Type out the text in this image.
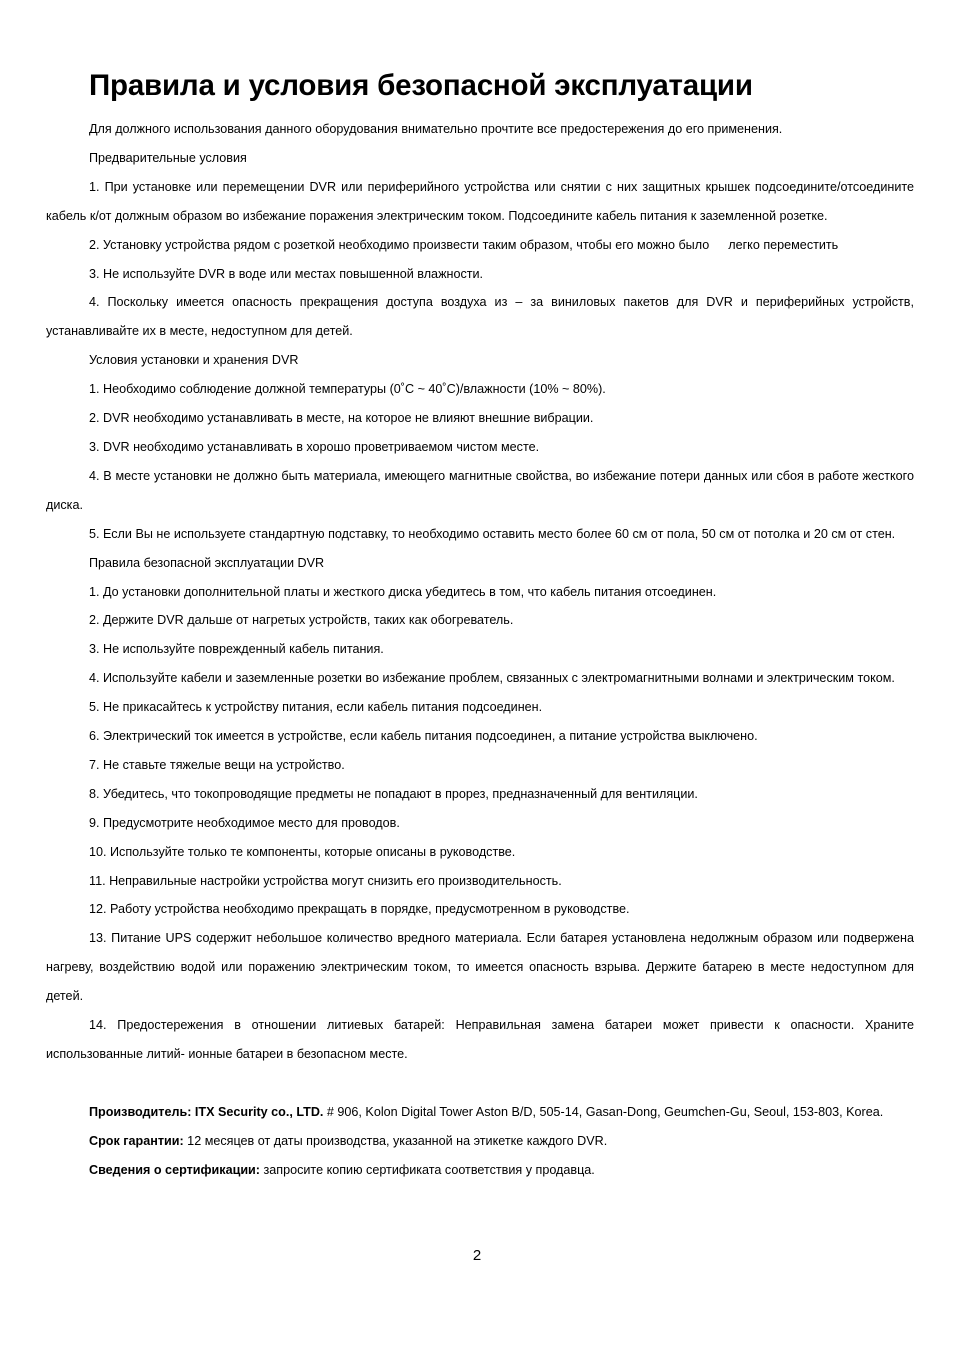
Правила и условия безопасной эксплуатации

Для должного использования данного оборудования внимательно прочтите все предостережения до его применения.

Предварительные условия

1. При установке или перемещении DVR или периферийного устройства или снятии с них защитных крышек подсоедините/отсоедините кабель к/от должным образом во избежание поражения электрическим током. Подсоедините кабель питания к заземленной розетке.

2. Установку устройства рядом с розеткой необходимо произвести таким образом, чтобы его можно было легко переместить

3. Не используйте DVR в воде или местах повышенной влажности.

4. Поскольку имеется опасность прекращения доступа воздуха из – за виниловых пакетов для DVR и периферийных устройств, устанавливайте их в месте, недоступном для детей.

Условия установки и хранения DVR

1. Необходимо соблюдение должной температуры (0˚C ~ 40˚C)/влажности (10% ~ 80%).

2. DVR необходимо устанавливать в месте, на которое не влияют внешние вибрации.

3. DVR необходимо устанавливать в хорошо проветриваемом чистом месте.

4. В месте установки не должно быть материала, имеющего магнитные свойства, во избежание потери данных или сбоя в работе жесткого диска.

5. Если Вы не используете стандартную подставку, то необходимо оставить место более 60 см от пола, 50 см от потолка и 20 см от стен.

Правила безопасной эксплуатации DVR

1. До установки дополнительной платы и жесткого диска убедитесь в том, что кабель питания отсоединен.

2. Держите DVR дальше от нагретых устройств, таких как обогреватель.

3. Не используйте поврежденный кабель питания.

4. Используйте кабели и заземленные розетки во избежание проблем, связанных с электромагнитными волнами и электрическим током.

5. Не прикасайтесь к устройству питания, если кабель питания подсоединен.

6. Электрический ток имеется в устройстве, если кабель питания подсоединен, а питание устройства выключено.

7. Не ставьте тяжелые вещи на устройство.

8. Убедитесь, что токопроводящие предметы не попадают в прорез, предназначенный для вентиляции.

9. Предусмотрите необходимое место для проводов.

10. Используйте только те компоненты, которые описаны в руководстве.

11. Неправильные настройки устройства могут снизить его производительность.

12. Работу устройства необходимо прекращать в порядке, предусмотренном в руководстве.

13. Питание UPS содержит небольшое количество вредного материала. Если батарея установлена недолжным образом или подвержена нагреву, воздействию водой или поражению электрическим током, то имеется опасность взрыва. Держите батарею в месте недоступном для детей.

14. Предостережения в отношении литиевых батарей: Неправильная замена батареи может привести к опасности. Храните использованные литий- ионные батареи в безопасном месте.

Производитель: ITX Security co., LTD. # 906, Kolon Digital Tower Aston B/D, 505-14, Gasan-Dong, Geumchen-Gu, Seoul, 153-803, Korea.

Срок гарантии: 12 месяцев от даты производства, указанной на этикетке каждого DVR.

Сведения о сертификации: запросите копию сертификата соответствия у продавца.

2
